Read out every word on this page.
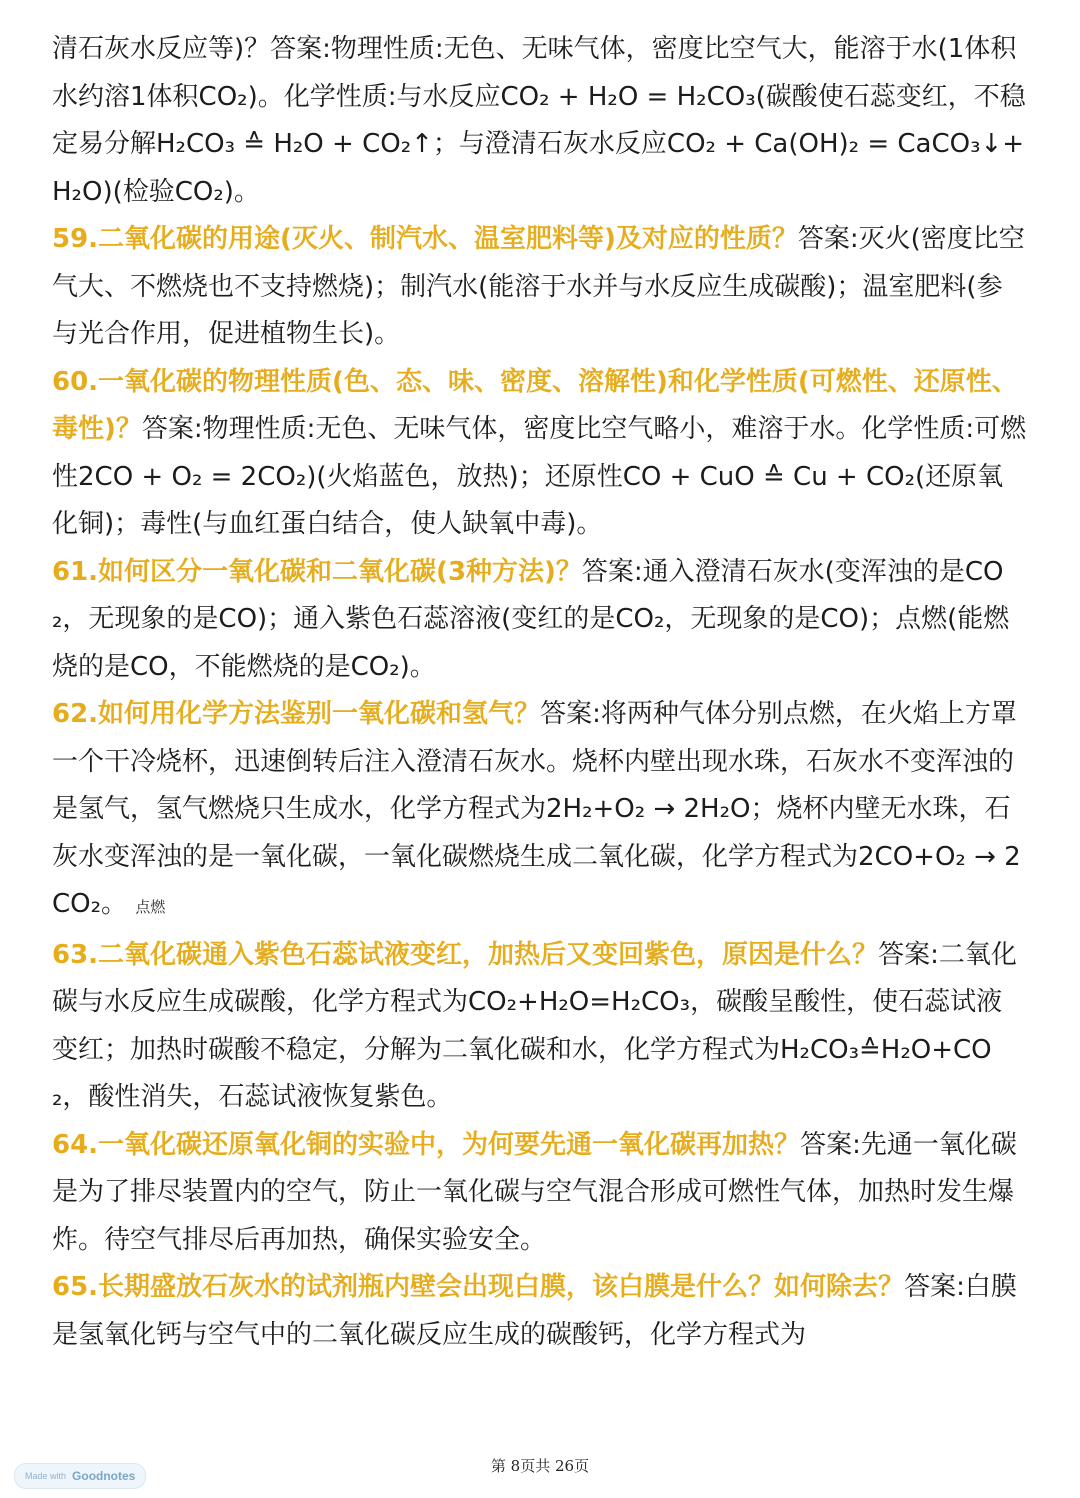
清石灰水反应等)？答案:物理性质:无色、无味气体，密度比空气大，能溶于水(1体积水约溶1体积CO₂)。化学性质:与水反应CO₂ + H₂O = H₂CO₃(碳酸使石蕊变红，不稳定易分解H₂CO₃ ≙ H₂O + CO₂↑；与澄清石灰水反应CO₂ + Ca(OH)₂ = CaCO₃↓+ H₂O)(检验CO₂)。

59.二氧化碳的用途(灭火、制汽水、温室肥料等)及对应的性质？答案:灭火(密度比空气大、不燃烧也不支持燃烧)；制汽水(能溶于水并与水反应生成碳酸)；温室肥料(参与光合作用，促进植物生长)。

60.一氧化碳的物理性质(色、态、味、密度、溶解性)和化学性质(可燃性、还原性、毒性)？答案:物理性质:无色、无味气体，密度比空气略小，难溶于水。化学性质:可燃性2CO + O₂ = 2CO₂)(火焰蓝色，放热)；还原性CO + CuO ≙ Cu + CO₂(还原氧化铜)；毒性(与血红蛋白结合，使人缺氧中毒)。

61.如何区分一氧化碳和二氧化碳(3种方法)？答案:通入澄清石灰水(变浑浊的是CO₂，无现象的是CO)；通入紫色石蕊溶液(变红的是CO₂，无现象的是CO)；点燃(能燃烧的是CO，不能燃烧的是CO₂)。

62.如何用化学方法鉴别一氧化碳和氢气？答案:将两种气体分别点燃，在火焰上方罩一个干冷烧杯，迅速倒转后注入澄清石灰水。烧杯内壁出现水珠，石灰水不变浑浊的是氢气，氢气燃烧只生成水，化学方程式为2H₂+O₂ → 2H₂O；烧杯内壁无水珠，石灰水变浑浊的是一氧化碳，一氧化碳燃烧生成二氧化碳，化学方程式为2CO+O₂ → 2CO₂。 点燃

63.二氧化碳通入紫色石蕊试液变红，加热后又变回紫色，原因是什么？答案:二氧化碳与水反应生成碳酸，化学方程式为CO₂+H₂O=H₂CO₃，碳酸呈酸性，使石蕊试液变红；加热时碳酸不稳定，分解为二氧化碳和水，化学方程式为H₂CO₃≙H₂O+CO₂，酸性消失，石蕊试液恢复紫色。

64.一氧化碳还原氧化铜的实验中，为何要先通一氧化碳再加热？答案:先通一氧化碳是为了排尽装置内的空气，防止一氧化碳与空气混合形成可燃性气体，加热时发生爆炸。待空气排尽后再加热，确保实验安全。

65.长期盛放石灰水的试剂瓶内壁会出现白膜，该白膜是什么？如何除去？答案:白膜是氢氧化钙与空气中的二氧化碳反应生成的碳酸钙，化学方程式为

Made with Goodnotes
第 8页共 26页
